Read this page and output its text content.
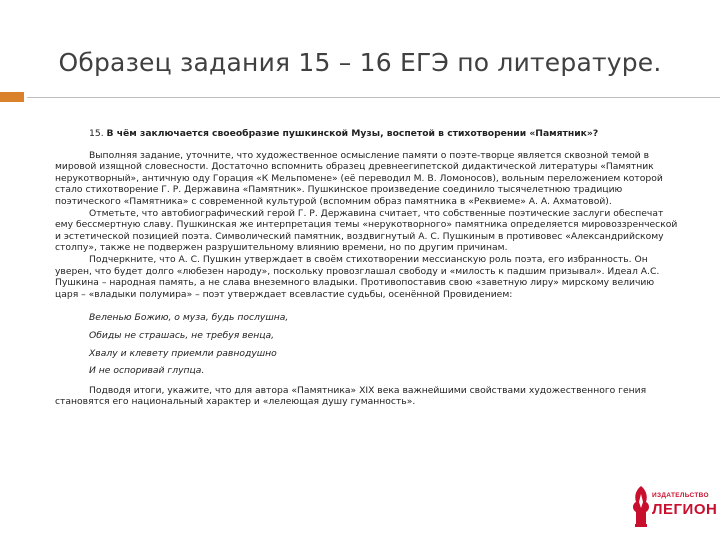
Образец задания 15 – 16 ЕГЭ по литературе.

15. В чём заключается своеобразие пушкинской Музы, воспетой в стихотворении «Памятник»?

Выполняя задание, уточните, что художественное осмысление памяти о поэте-творце является сквозной темой в мировой изящной словесности. Достаточно вспомнить образец древнеегипетской дидактической литературы «Памятник нерукотворный», античную оду Горация «К Мельпомене» (её переводил М. В. Ломоносов), вольным переложением которой стало стихотворение Г. Р. Державина «Памятник». Пушкинское произведение соединило тысячелетнюю традицию поэтического «Памятника» с современной культурой (вспомним образ памятника в «Реквиеме» А. А. Ахматовой).

Отметьте, что автобиографический герой Г. Р. Державина считает, что собственные поэтические заслуги обеспечат ему бессмертную славу. Пушкинская же интерпретация темы «нерукотворного» памятника определяется мировоззренческой и эстетической позицией поэта. Символический памятник, воздвигнутый А. С. Пушкиным в противовес «Александрийскому столпу», также не подвержен разрушительному влиянию времени, но по другим причинам.

Подчеркните, что А. С. Пушкин утверждает в своём стихотворении мессианскую роль поэта, его избранность. Он уверен, что будет долго «любезен народу», поскольку провозглашал свободу и «милость к падшим призывал». Идеал А.С. Пушкина – народная память, а не слава внеземного владыки. Противопоставив свою «заветную лиру» мирскому величию царя – «владыки полумира» – поэт утверждает всевластие судьбы, осенённой Провидением:

Веленью Божию, о муза, будь послушна,
Обиды не страшась, не требуя венца,
Хвалу и клевету приемли равнодушно
И не оспоривай глупца.

Подводя итоги, укажите, что для автора «Памятника» XIX века важнейшими свойствами художественного гения становятся его национальный характер и «лелеющая душу гуманность».

ИЗДАТЕЛЬСТВО
ЛЕГИОН
